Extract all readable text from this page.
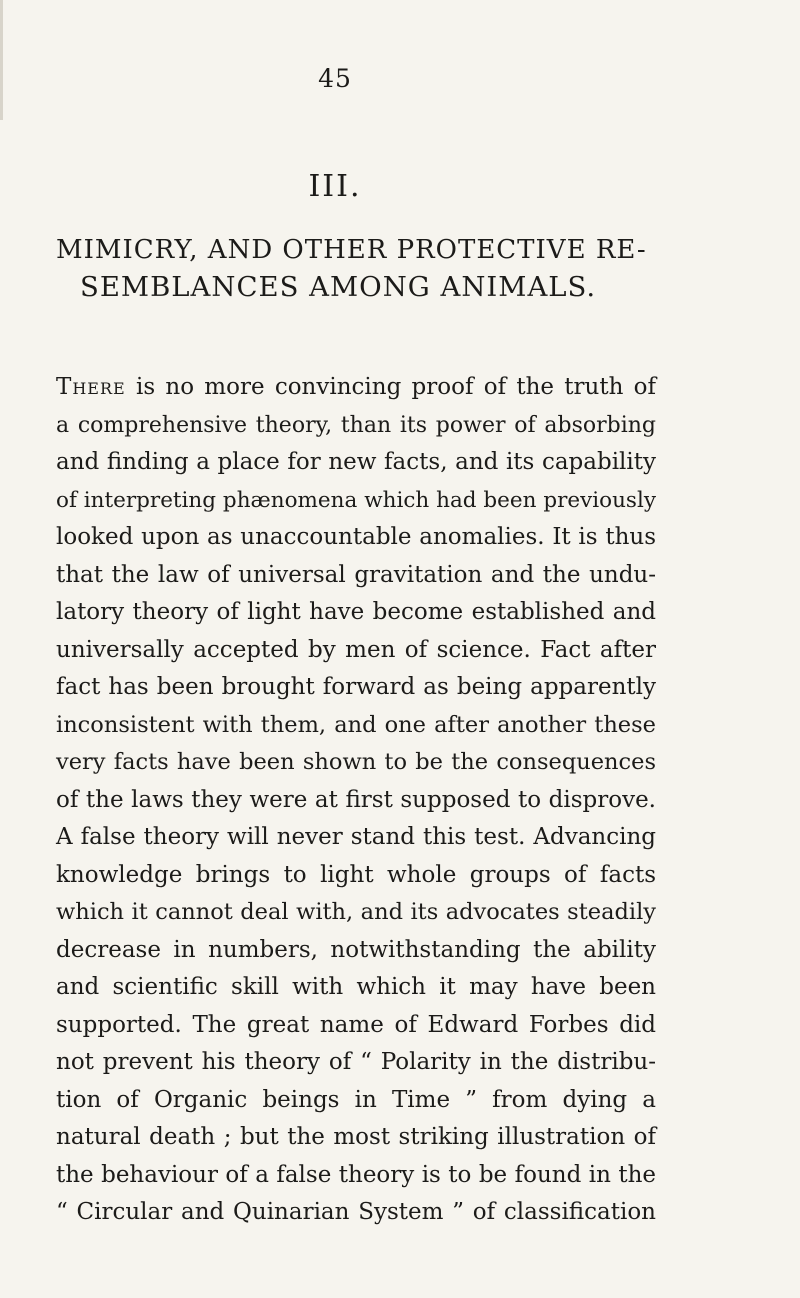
45
III.
MIMICRY, AND OTHER PROTECTIVE RE-
SEMBLANCES AMONG ANIMALS.

There is no more convincing proof of the truth of
a comprehensive theory, than its power of absorbing
and finding a place for new facts, and its capability
of interpreting phænomena which had been previously
looked upon as unaccountable anomalies. It is thus
that the law of universal gravitation and the undu-
latory theory of light have become established and
universally accepted by men of science. Fact after
fact has been brought forward as being apparently
inconsistent with them, and one after another these
very facts have been shown to be the consequences
of the laws they were at first supposed to disprove.
A false theory will never stand this test. Advancing
knowledge brings to light whole groups of facts
which it cannot deal with, and its advocates steadily
decrease in numbers, notwithstanding the ability
and scientific skill with which it may have been
supported. The great name of Edward Forbes did
not prevent his theory of “ Polarity in the distribu-
tion of Organic beings in Time ” from dying a
natural death ; but the most striking illustration of
the behaviour of a false theory is to be found in the
“ Circular and Quinarian System ” of classification
